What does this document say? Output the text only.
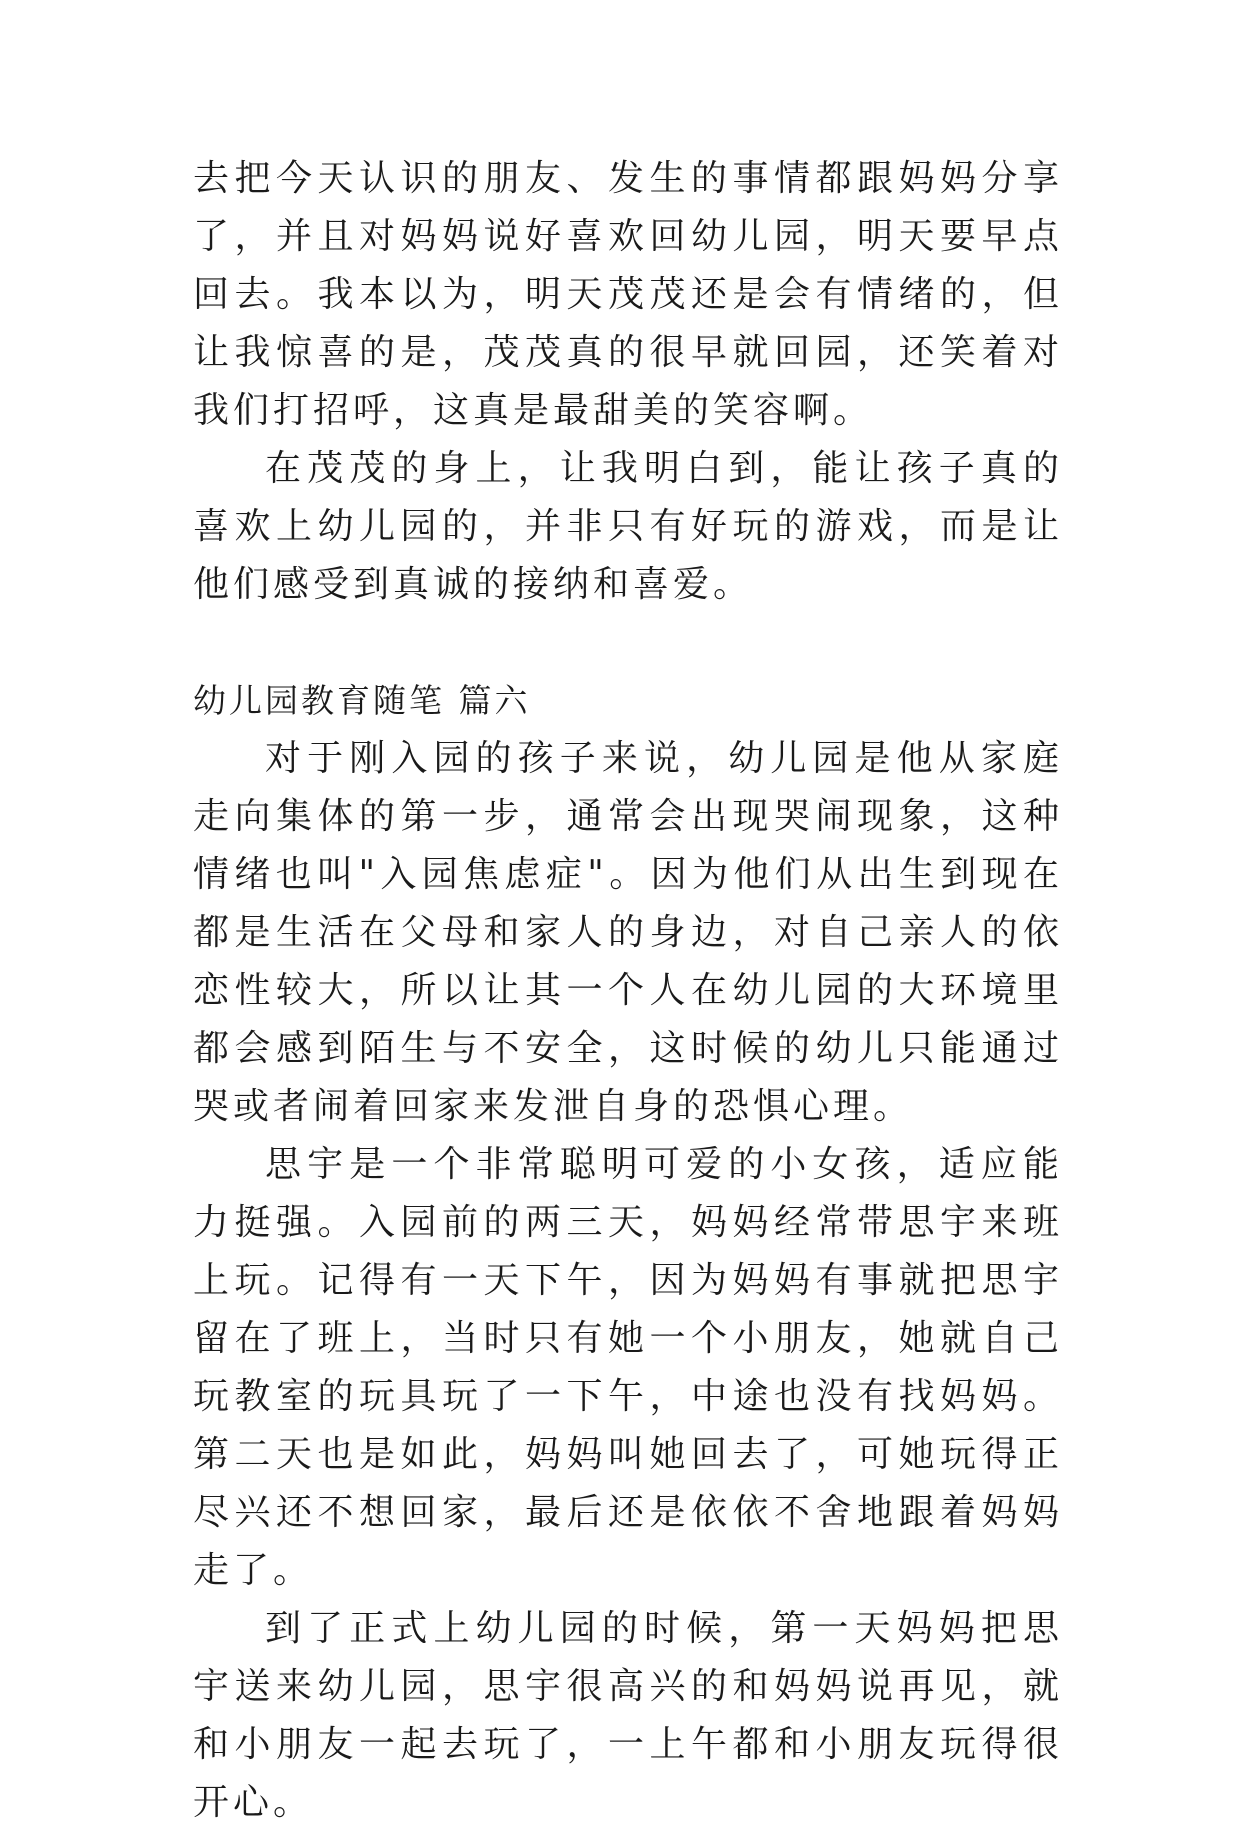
去把今天认识的朋友、发生的事情都跟妈妈分享了，并且对妈妈说好喜欢回幼儿园，明天要早点回去。我本以为，明天茂茂还是会有情绪的，但让我惊喜的是，茂茂真的很早就回园，还笑着对我们打招呼，这真是最甜美的笑容啊。

在茂茂的身上，让我明白到，能让孩子真的喜欢上幼儿园的，并非只有好玩的游戏，而是让他们感受到真诚的接纳和喜爱。

幼儿园教育随笔 篇六

对于刚入园的孩子来说，幼儿园是他从家庭走向集体的第一步，通常会出现哭闹现象，这种情绪也叫"入园焦虑症"。因为他们从出生到现在都是生活在父母和家人的身边，对自己亲人的依恋性较大，所以让其一个人在幼儿园的大环境里都会感到陌生与不安全，这时候的幼儿只能通过哭或者闹着回家来发泄自身的恐惧心理。

思宇是一个非常聪明可爱的小女孩，适应能力挺强。入园前的两三天，妈妈经常带思宇来班上玩。记得有一天下午，因为妈妈有事就把思宇留在了班上，当时只有她一个小朋友，她就自己玩教室的玩具玩了一下午，中途也没有找妈妈。第二天也是如此，妈妈叫她回去了，可她玩得正尽兴还不想回家，最后还是依依不舍地跟着妈妈走了。

到了正式上幼儿园的时候，第一天妈妈把思宇送来幼儿园，思宇很高兴的和妈妈说再见，就和小朋友一起去玩了，一上午都和小朋友玩得很开心。
